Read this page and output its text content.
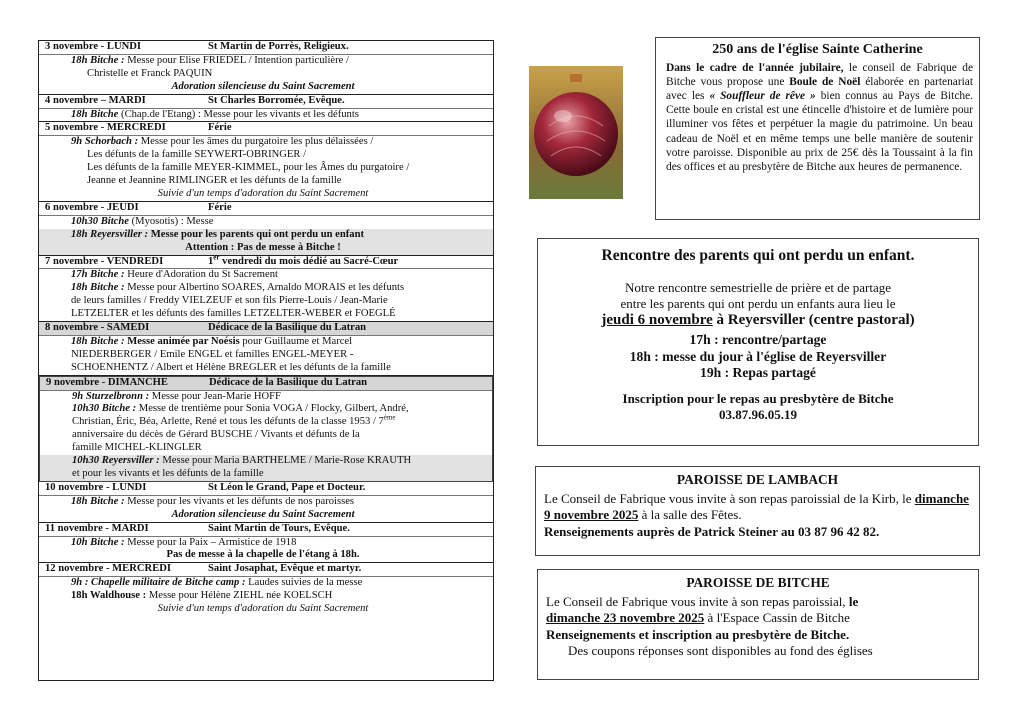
3 novembre - LUNDI	St Martin de Porrès, Religieux.
18h Bitche : Messe pour Elise FRIEDEL / Intention particulière /
Christelle et Franck PAQUIN
Adoration silencieuse du Saint Sacrement
4 novembre – MARDI	St Charles Borromée, Evêque.
18h Bitche (Chap.de l'Etang) : Messe pour les vivants et les défunts
5 novembre - MERCREDI	Férie
9h Schorbach : Messe pour les âmes du purgatoire les plus délaissées /
Les défunts de la famille SEYWERT-OBRINGER /
Les défunts de la famille MEYER-KIMMEL, pour les Âmes du purgatoire /
Jeanne et Jeannine RIMLINGER et les défunts de la famille
Suivie d'un temps d'adoration du Saint Sacrement
6 novembre - JEUDI	Férie
10h30 Bitche (Myosotis) : Messe
18h Reyersviller : Messe pour les parents qui ont perdu un enfant
Attention : Pas de messe à Bitche !
7 novembre - VENDREDI	1er vendredi du mois dédié au Sacré-Cœur
17h Bitche : Heure d'Adoration du St Sacrement
18h Bitche : Messe pour Albertino SOARES, Arnaldo MORAIS et les défunts
de leurs familles / Freddy VIELZEUF et son fils Pierre-Louis / Jean-Marie
LETZELTER et les défunts des familles LETZELTER-WEBER et FOEGLÉ
8 novembre - SAMEDI	Dédicace de la Basilique du Latran
18h Bitche : Messe animée par Noésis pour Guillaume et Marcel
NIEDERBERGER / Emile ENGEL et familles ENGEL-MEYER -
SCHOENHENTZ / Albert et Hélène BREGLER et les défunts de la famille
9 novembre - DIMANCHE	Dédicace de la Basilique du Latran
9h Sturzelbronn : Messe pour Jean-Marie HOFF
10h30 Bitche : Messe de trentième pour Sonia VOGA / Flocky, Gilbert, André,
Christian, Éric, Béa, Arlette, René et tous les défunts de la classe 1953 / 7ème
anniversaire du décès de Gérard BUSCHE / Vivants et défunts de la
famille MICHEL-KLINGLER
10h30 Reyersviller : Messe pour Maria BARTHELME / Marie-Rose KRAUTH
et pour les vivants et les défunts de la famille
10 novembre - LUNDI	St Léon le Grand, Pape et Docteur.
18h Bitche : Messe pour les vivants et les défunts de nos paroisses
Adoration silencieuse du Saint Sacrement
11 novembre - MARDI	Saint Martin de Tours, Evêque.
10h Bitche : Messe pour la Paix – Armistice de 1918
Pas de messe à la chapelle de l'étang à 18h.
12 novembre - MERCREDI	Saint Josaphat, Evêque et martyr.
9h : Chapelle militaire de Bitche camp : Laudes suivies de la messe
18h Waldhouse : Messe pour Hélène ZIEHL née KOELSCH
Suivie d'un temps d'adoration du Saint Sacrement
250 ans de l'église Sainte Catherine
Dans le cadre de l'année jubilaire, le conseil de Fabrique de Bitche vous propose une Boule de Noël élaborée en partenariat avec les « Souffleur de rêve » bien connus au Pays de Bitche. Cette boule en cristal est une étincelle d'histoire et de lumière pour illuminer vos fêtes et perpétuer la magie du patrimoine. Un beau cadeau de Noël et en même temps une belle manière de soutenir votre paroisse. Disponible au prix de 25€ dès la Toussaint à la fin des offices et au presbytère de Bitche aux heures de permanence.
Rencontre des parents qui ont perdu un enfant.
Notre rencontre semestrielle de prière et de partage
entre les parents qui ont perdu un enfants aura lieu le
jeudi 6 novembre à Reyersviller (centre pastoral)
17h : rencontre/partage
18h : messe du jour à l'église de Reyersviller
19h : Repas partagé
Inscription pour le repas au presbytère de Bitche
03.87.96.05.19
PAROISSE DE LAMBACH
Le Conseil de Fabrique vous invite à son repas paroissial de la Kirb, le dimanche 9 novembre 2025 à la salle des Fêtes.
Renseignements auprès de Patrick Steiner au 03 87 96 42 82.
PAROISSE DE BITCHE
Le Conseil de Fabrique vous invite à son repas paroissial, le
dimanche 23 novembre 2025 à l'Espace Cassin de Bitche
Renseignements et inscription au presbytère de Bitche.
Des coupons réponses sont disponibles au fond des églises
